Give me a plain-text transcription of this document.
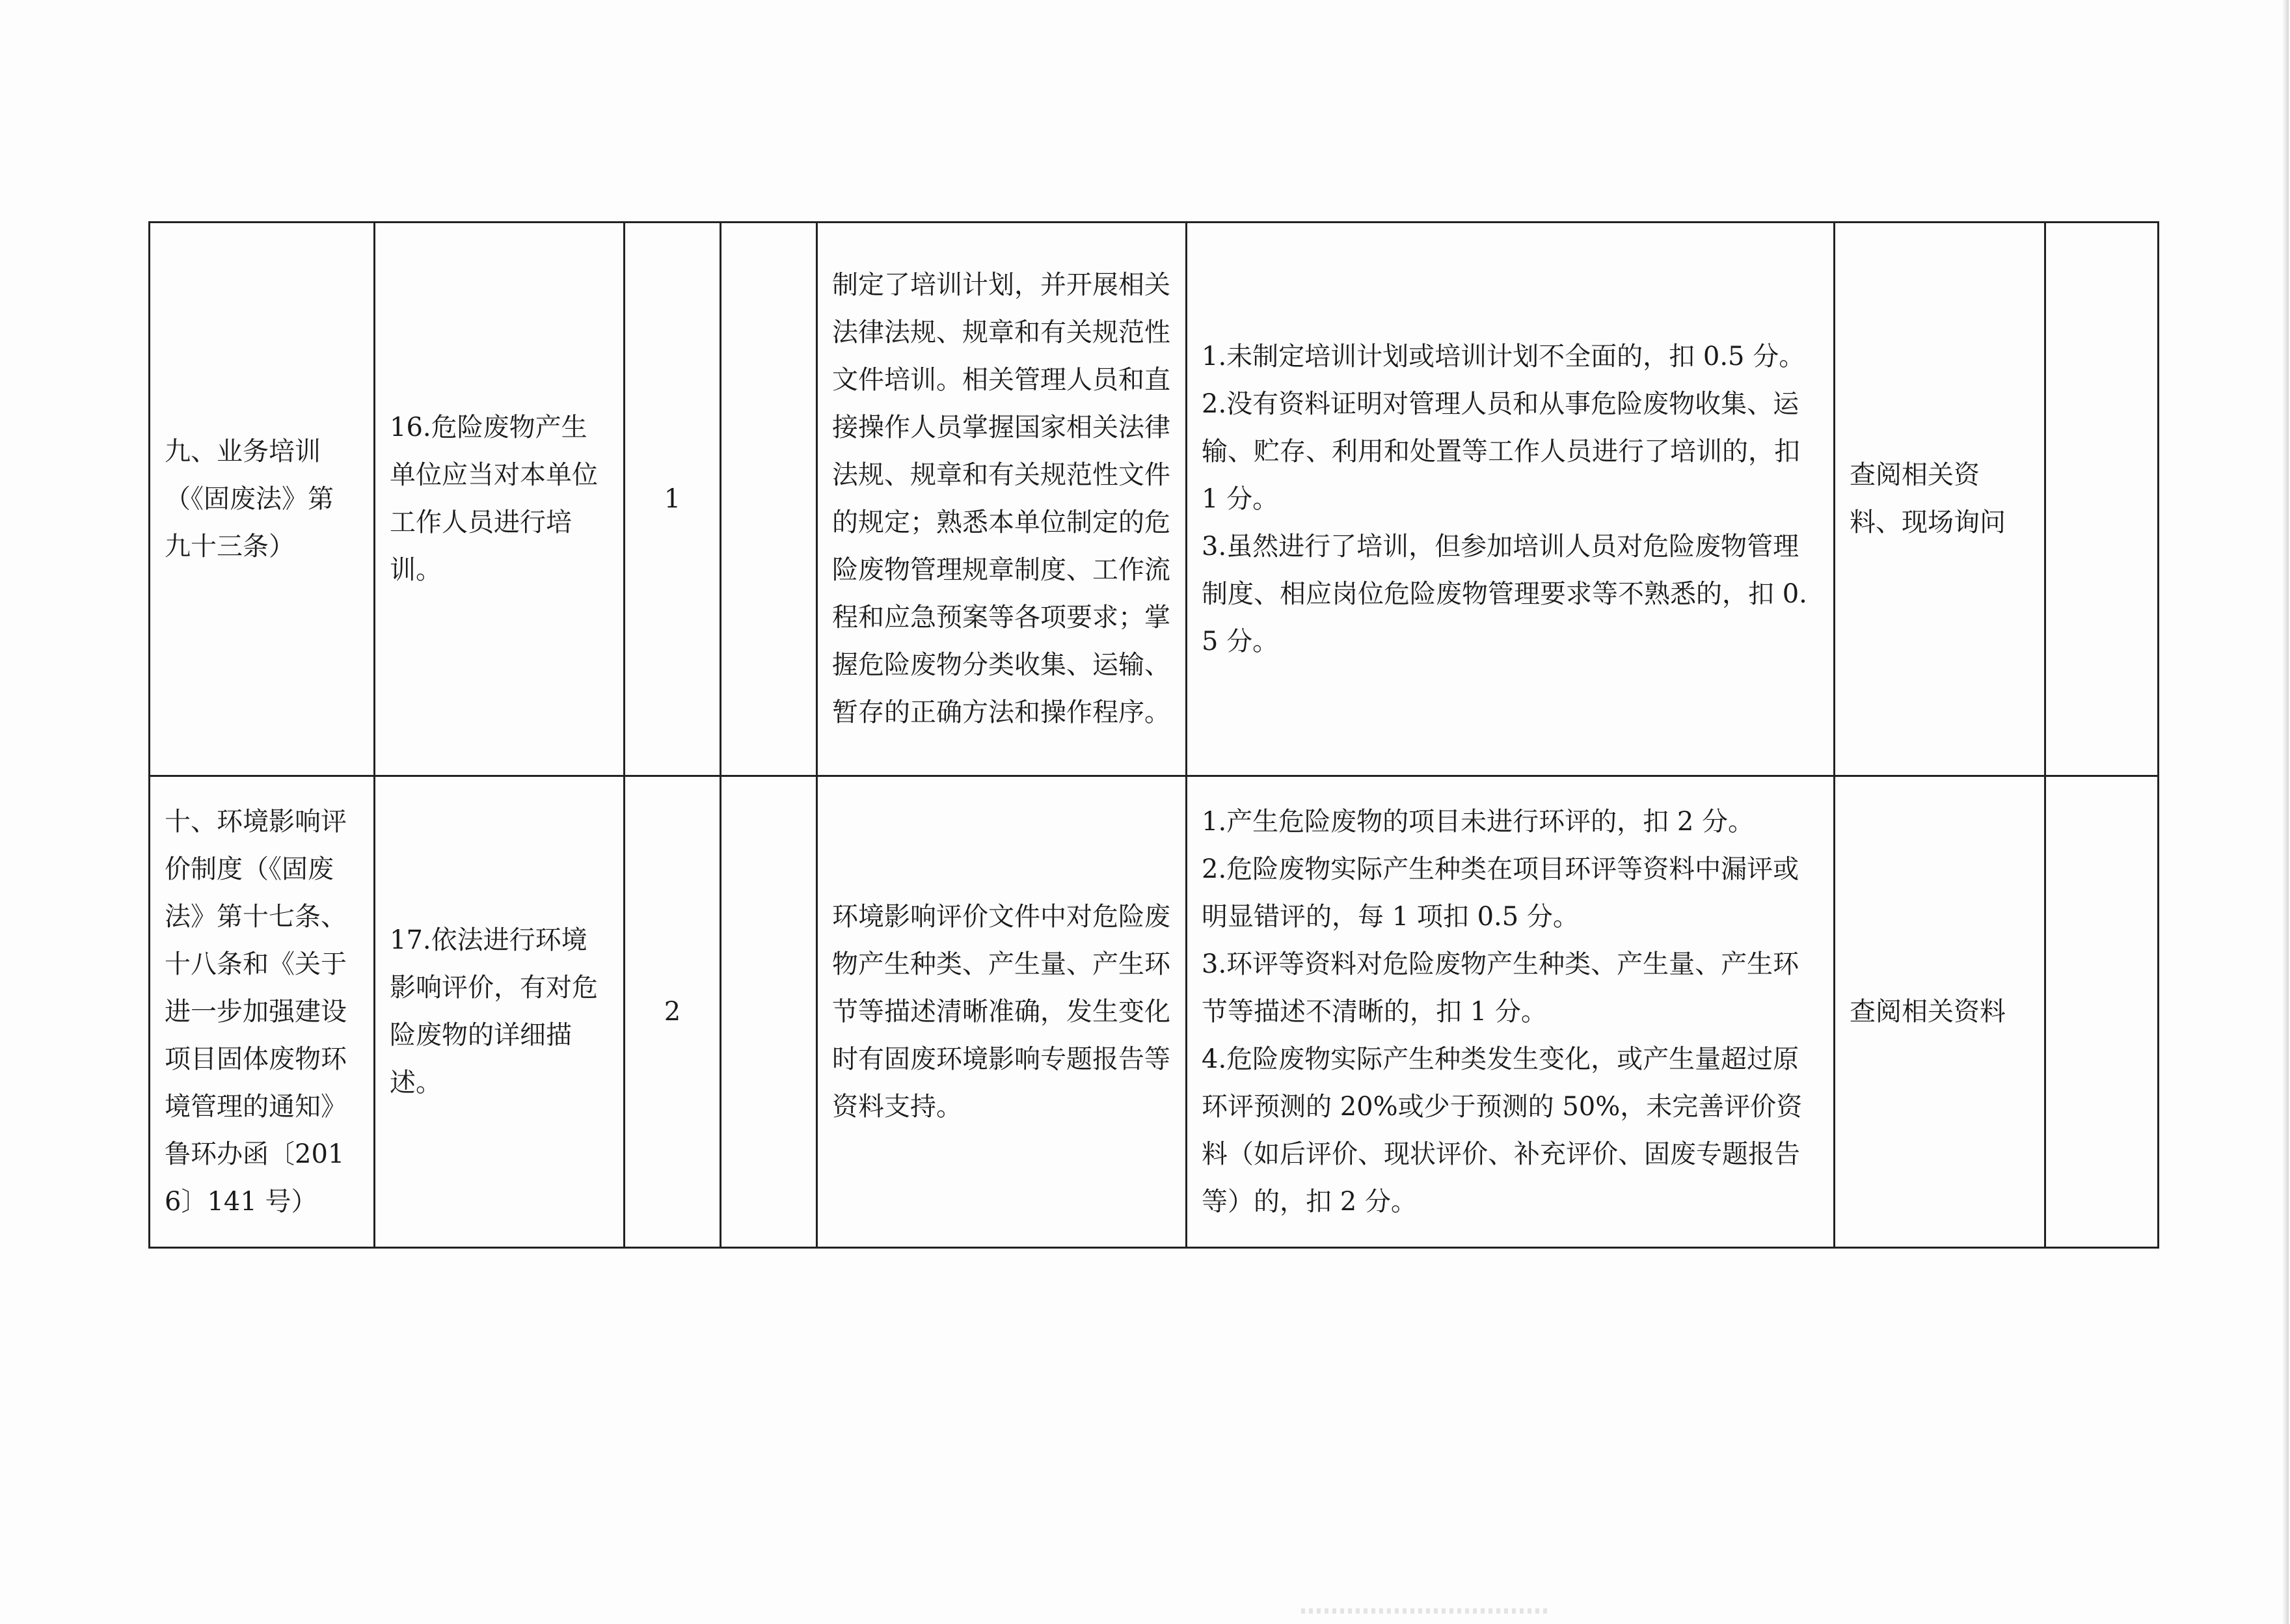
九、业务培训（《固废法》第九十三条）	16.危险废物产生单位应当对本单位工作人员进行培训。	1		制定了培训计划，并开展相关法律法规、规章和有关规范性文件培训。相关管理人员和直接操作人员掌握国家相关法律法规、规章和有关规范性文件的规定；熟悉本单位制定的危险废物管理规章制度、工作流程和应急预案等各项要求；掌握危险废物分类收集、运输、暂存的正确方法和操作程序。	1.未制定培训计划或培训计划不全面的，扣 0.5 分。
2.没有资料证明对管理人员和从事危险废物收集、运输、贮存、利用和处置等工作人员进行了培训的，扣 1 分。
3.虽然进行了培训，但参加培训人员对危险废物管理制度、相应岗位危险废物管理要求等不熟悉的，扣 0.5 分。	查阅相关资料、现场询问	
十、环境影响评价制度（《固废法》第十七条、十八条和《关于进一步加强建设项目固体废物环境管理的通知》鲁环办函〔2016〕141 号）	17.依法进行环境影响评价，有对危险废物的详细描述。	2		环境影响评价文件中对危险废物产生种类、产生量、产生环节等描述清晰准确，发生变化时有固废环境影响专题报告等资料支持。	1.产生危险废物的项目未进行环评的，扣 2 分。
2.危险废物实际产生种类在项目环评等资料中漏评或明显错评的，每 1 项扣 0.5 分。
3.环评等资料对危险废物产生种类、产生量、产生环节等描述不清晰的，扣 1 分。
4.危险废物实际产生种类发生变化，或产生量超过原环评预测的 20%或少于预测的 50%，未完善评价资料（如后评价、现状评价、补充评价、固废专题报告等）的，扣 2 分。	查阅相关资料	
